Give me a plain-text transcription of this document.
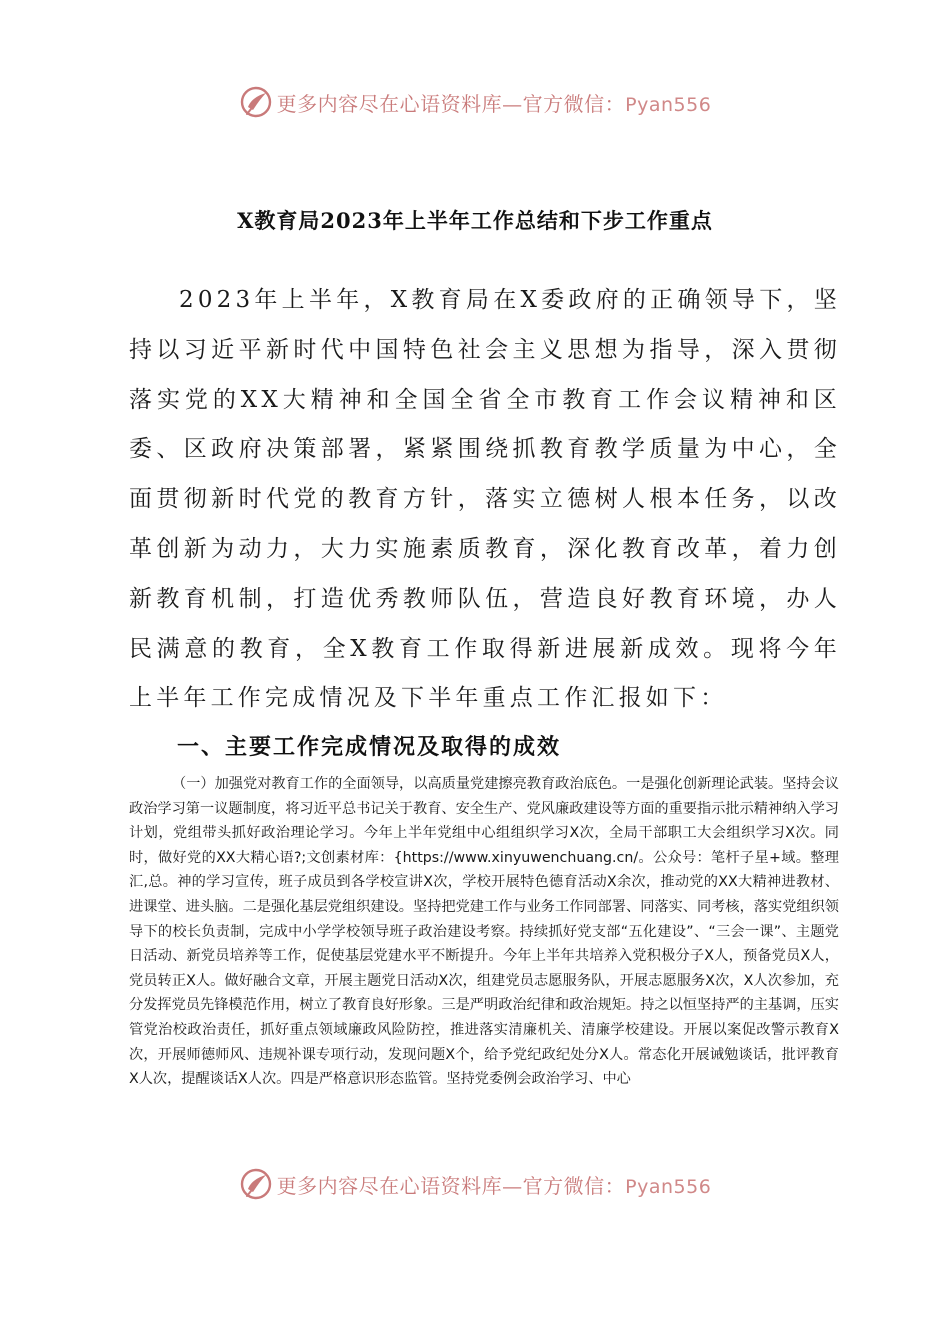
更多内容尽在心语资料库—官方微信：Pyan556
X教育局2023年上半年工作总结和下步工作重点

2023年上半年，X教育局在X委政府的正确领导下，坚持以习近平新时代中国特色社会主义思想为指导，深入贯彻落实党的XX大精神和全国全省全市教育工作会议精神和区委、区政府决策部署，紧紧围绕抓教育教学质量为中心，全面贯彻新时代党的教育方针，落实立德树人根本任务，以改革创新为动力，大力实施素质教育，深化教育改革，着力创新教育机制，打造优秀教师队伍，营造良好教育环境，办人民满意的教育，全X教育工作取得新进展新成效。现将今年上半年工作完成情况及下半年重点工作汇报如下：

一、主要工作完成情况及取得的成效

（一）加强党对教育工作的全面领导，以高质量党建擦亮教育政治底色。一是强化创新理论武装。坚持会议政治学习第一议题制度，将习近平总书记关于教育、安全生产、党风廉政建设等方面的重要指示批示精神纳入学习计划，党组带头抓好政治理论学习。今年上半年党组中心组组织学习X次，全局干部职工大会组织学习X次。同时，做好党的XX大精心语?;文创素材库：{https://www.xinyuwenchuang.cn/。公众号：笔杆子星+域。整理汇,总。神的学习宣传，班子成员到各学校宣讲X次，学校开展特色德育活动X余次，推动党的XX大精神进教材、进课堂、进头脑。二是强化基层党组织建设。坚持把党建工作与业务工作同部署、同落实、同考核，落实党组织领导下的校长负责制，完成中小学学校领导班子政治建设考察。持续抓好党支部“五化建设”、“三会一课”、主题党日活动、新党员培养等工作，促使基层党建水平不断提升。今年上半年共培养入党积极分子X人，预备党员X人，党员转正X人。做好融合文章，开展主题党日活动X次，组建党员志愿服务队，开展志愿服务X次，X人次参加，充分发挥党员先锋模范作用，树立了教育良好形象。三是严明政治纪律和政治规矩。持之以恒坚持严的主基调，压实管党治校政治责任，抓好重点领域廉政风险防控，推进落实清廉机关、清廉学校建设。开展以案促改警示教育X次，开展师德师风、违规补课专项行动，发现问题X个，给予党纪政纪处分X人。常态化开展诫勉谈话，批评教育X人次，提醒谈话X人次。四是严格意识形态监管。坚持党委例会政治学习、中心

更多内容尽在心语资料库—官方微信：Pyan556
